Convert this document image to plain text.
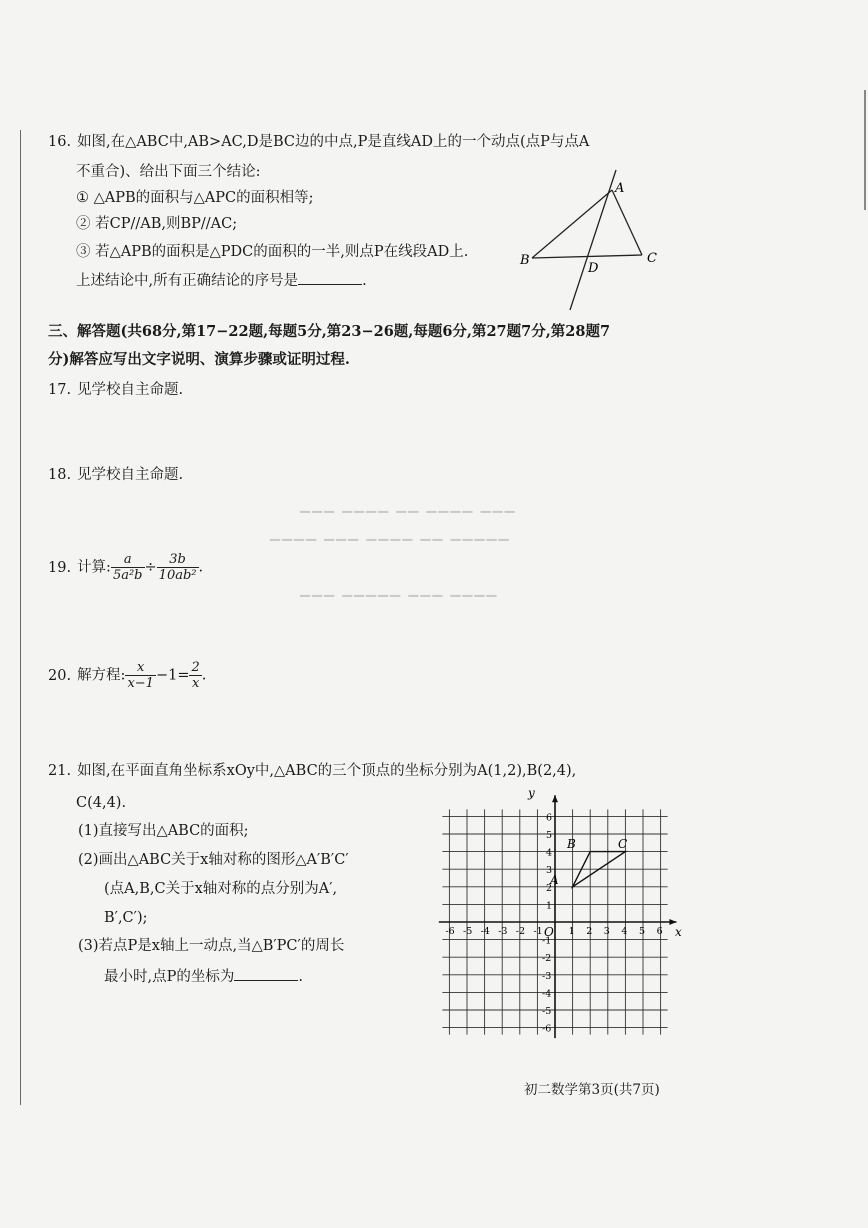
▔▔▔ ▔▔▔▔ ▔▔ ▔▔▔▔ ▔▔▔
▔▔▔▔ ▔▔▔ ▔▔▔▔ ▔▔ ▔▔▔▔▔
▔▔▔ ▔▔▔▔▔ ▔▔▔ ▔▔▔▔
16. 如图,在△ABC中,AB>AC,D是BC边的中点,P是直线AD上的一个动点(点P与点A
不重合)、给出下面三个结论:
① △APB的面积与△APC的面积相等;
② 若CP//AB,则BP//AC;
③ 若△APB的面积是△PDC的面积的一半,则点P在线段AD上.
上述结论中,所有正确结论的序号是	.
A
B	C
D
三、解答题(共68分,第17−22题,每题5分,第23−26题,每题6分,第27题7分,第28题7
分)解答应写出文字说明、演算步骤或证明过程.
17. 见学校自主命题.
18. 见学校自主命题.
19. 计算: $\frac{a}{\text{5a²b}} \div \frac{3b}{\text{10ab²}}$ .
20. 解方程: $\frac{x}{x-1} -1= \frac{2}{x}$ .
21. 如图,在平面直角坐标系xOy中,△ABC的三个顶点的坐标分别为A(1,2),B(2,4),
C(4,4).
(1)直接写出△ABC的面积;
(2)画出△ABC关于x轴对称的图形△A′B′C′
(点A,B,C关于x轴对称的点分别为A′,
B′,C′);
(3)若点P是x轴上一动点,当△B′PC′的周长
最小时,点P的坐标为	.
x
y
O
A
B	C
-6 -5 -4 -3 -2 -1	1 2 3 4 5 6
6
5
4
3
2
1
-1
-2
-3
-4
-5
-6
初二数学第3页(共7页)
